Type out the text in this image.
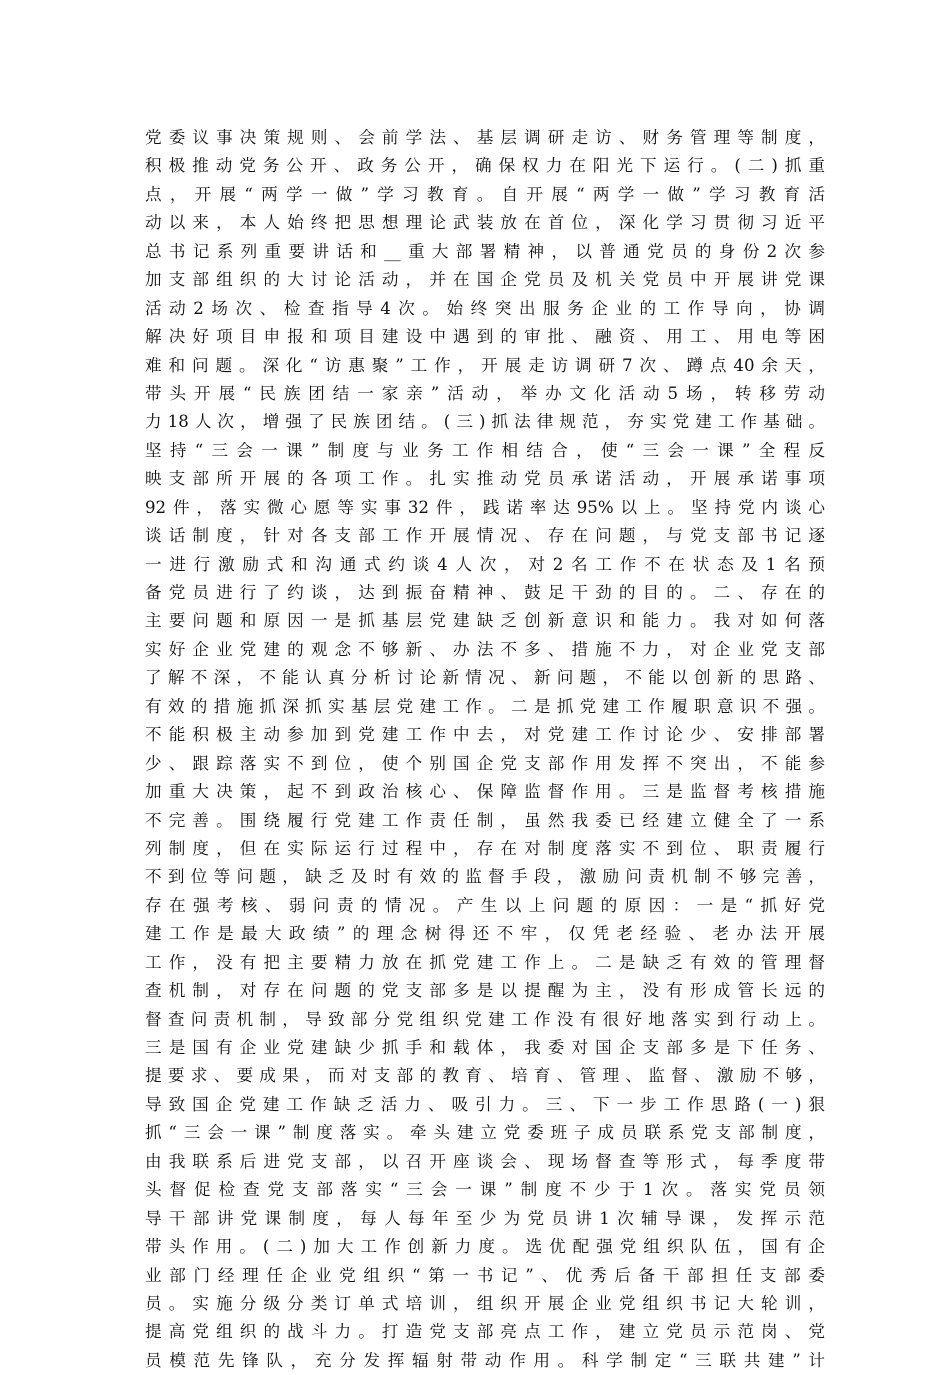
党委议事决策规则、会前学法、基层调研走访、财务管理等制度，
积极推动党务公开、政务公开，确保权力在阳光下运行。(二)抓重
点，开展“两学一做”学习教育。自开展“两学一做”学习教育活
动以来，本人始终把思想理论武装放在首位，深化学习贯彻习近平
总书记系列重要讲话和__重大部署精神，以普通党员的身份2次参
加支部组织的大讨论活动，并在国企党员及机关党员中开展讲党课
活动2场次、检查指导4次。始终突出服务企业的工作导向，协调
解决好项目申报和项目建设中遇到的审批、融资、用工、用电等困
难和问题。深化“访惠聚”工作，开展走访调研7次、蹲点40余天，
带头开展“民族团结一家亲”活动，举办文化活动5场，转移劳动
力18人次，增强了民族团结。(三)抓法律规范，夯实党建工作基础。
坚持“三会一课”制度与业务工作相结合，使“三会一课”全程反
映支部所开展的各项工作。扎实推动党员承诺活动，开展承诺事项
92件，落实微心愿等实事32件，践诺率达95%以上。坚持党内谈心
谈话制度，针对各支部工作开展情况、存在问题，与党支部书记逐
一进行激励式和沟通式约谈4人次，对2名工作不在状态及1名预
备党员进行了约谈，达到振奋精神、鼓足干劲的目的。二、存在的
主要问题和原因一是抓基层党建缺乏创新意识和能力。我对如何落
实好企业党建的观念不够新、办法不多、措施不力，对企业党支部
了解不深，不能认真分析讨论新情况、新问题，不能以创新的思路、
有效的措施抓深抓实基层党建工作。二是抓党建工作履职意识不强。
不能积极主动参加到党建工作中去，对党建工作讨论少、安排部署
少、跟踪落实不到位，使个别国企党支部作用发挥不突出，不能参
加重大决策，起不到政治核心、保障监督作用。三是监督考核措施
不完善。围绕履行党建工作责任制，虽然我委已经建立健全了一系
列制度，但在实际运行过程中，存在对制度落实不到位、职责履行
不到位等问题，缺乏及时有效的监督手段，激励问责机制不够完善，
存在强考核、弱问责的情况。产生以上问题的原因：一是“抓好党
建工作是最大政绩”的理念树得还不牢，仅凭老经验、老办法开展
工作，没有把主要精力放在抓党建工作上。二是缺乏有效的管理督
查机制，对存在问题的党支部多是以提醒为主，没有形成管长远的
督查问责机制，导致部分党组织党建工作没有很好地落实到行动上。
三是国有企业党建缺少抓手和载体，我委对国企支部多是下任务、
提要求、要成果，而对支部的教育、培育、管理、监督、激励不够，
导致国企党建工作缺乏活力、吸引力。三、下一步工作思路(一)狠
抓“三会一课”制度落实。牵头建立党委班子成员联系党支部制度，
由我联系后进党支部，以召开座谈会、现场督查等形式，每季度带
头督促检查党支部落实“三会一课”制度不少于1次。落实党员领
导干部讲党课制度，每人每年至少为党员讲1次辅导课，发挥示范
带头作用。(二)加大工作创新力度。选优配强党组织队伍，国有企
业部门经理任企业党组织“第一书记”、优秀后备干部担任支部委
员。实施分级分类订单式培训，组织开展企业党组织书记大轮训，
提高党组织的战斗力。打造党支部亮点工作，建立党员示范岗、党
员模范先锋队，充分发挥辐射带动作用。科学制定“三联共建”计
